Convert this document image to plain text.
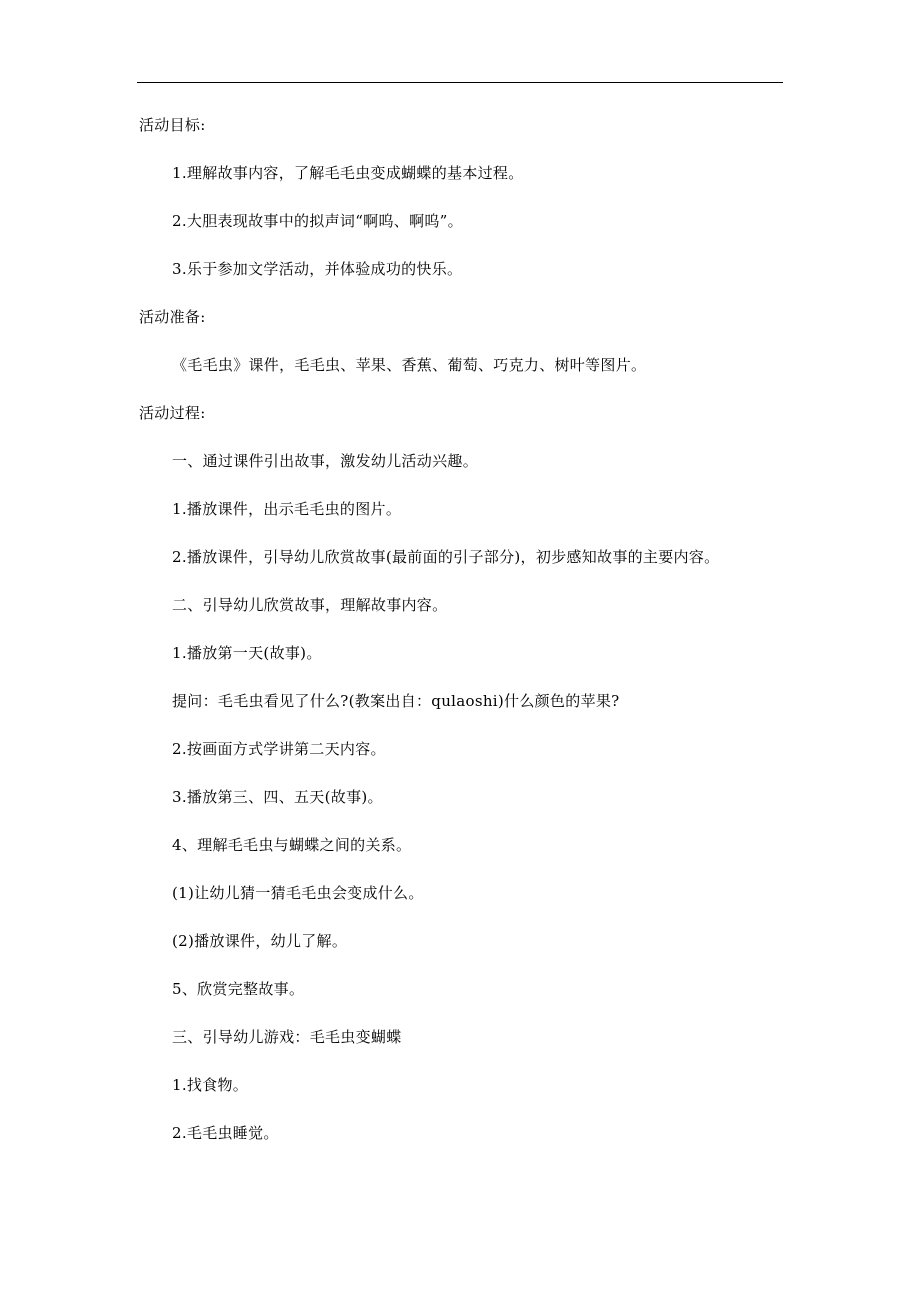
活动目标:
1.理解故事内容，了解毛毛虫变成蝴蝶的基本过程。
2.大胆表现故事中的拟声词“啊呜、啊呜”。
3.乐于参加文学活动，并体验成功的快乐。
活动准备:
《毛毛虫》课件，毛毛虫、苹果、香蕉、葡萄、巧克力、树叶等图片。
活动过程:
一、通过课件引出故事，激发幼儿活动兴趣。
1.播放课件，出示毛毛虫的图片。
2.播放课件，引导幼儿欣赏故事(最前面的引子部分)，初步感知故事的主要内容。
二、引导幼儿欣赏故事，理解故事内容。
1.播放第一天(故事)。
提问：毛毛虫看见了什么?(教案出自：qulaoshi)什么颜色的苹果?
2.按画面方式学讲第二天内容。
3.播放第三、四、五天(故事)。
4、理解毛毛虫与蝴蝶之间的关系。
(1)让幼儿猜一猜毛毛虫会变成什么。
(2)播放课件，幼儿了解。
5、欣赏完整故事。
三、引导幼儿游戏：毛毛虫变蝴蝶
1.找食物。
2.毛毛虫睡觉。
